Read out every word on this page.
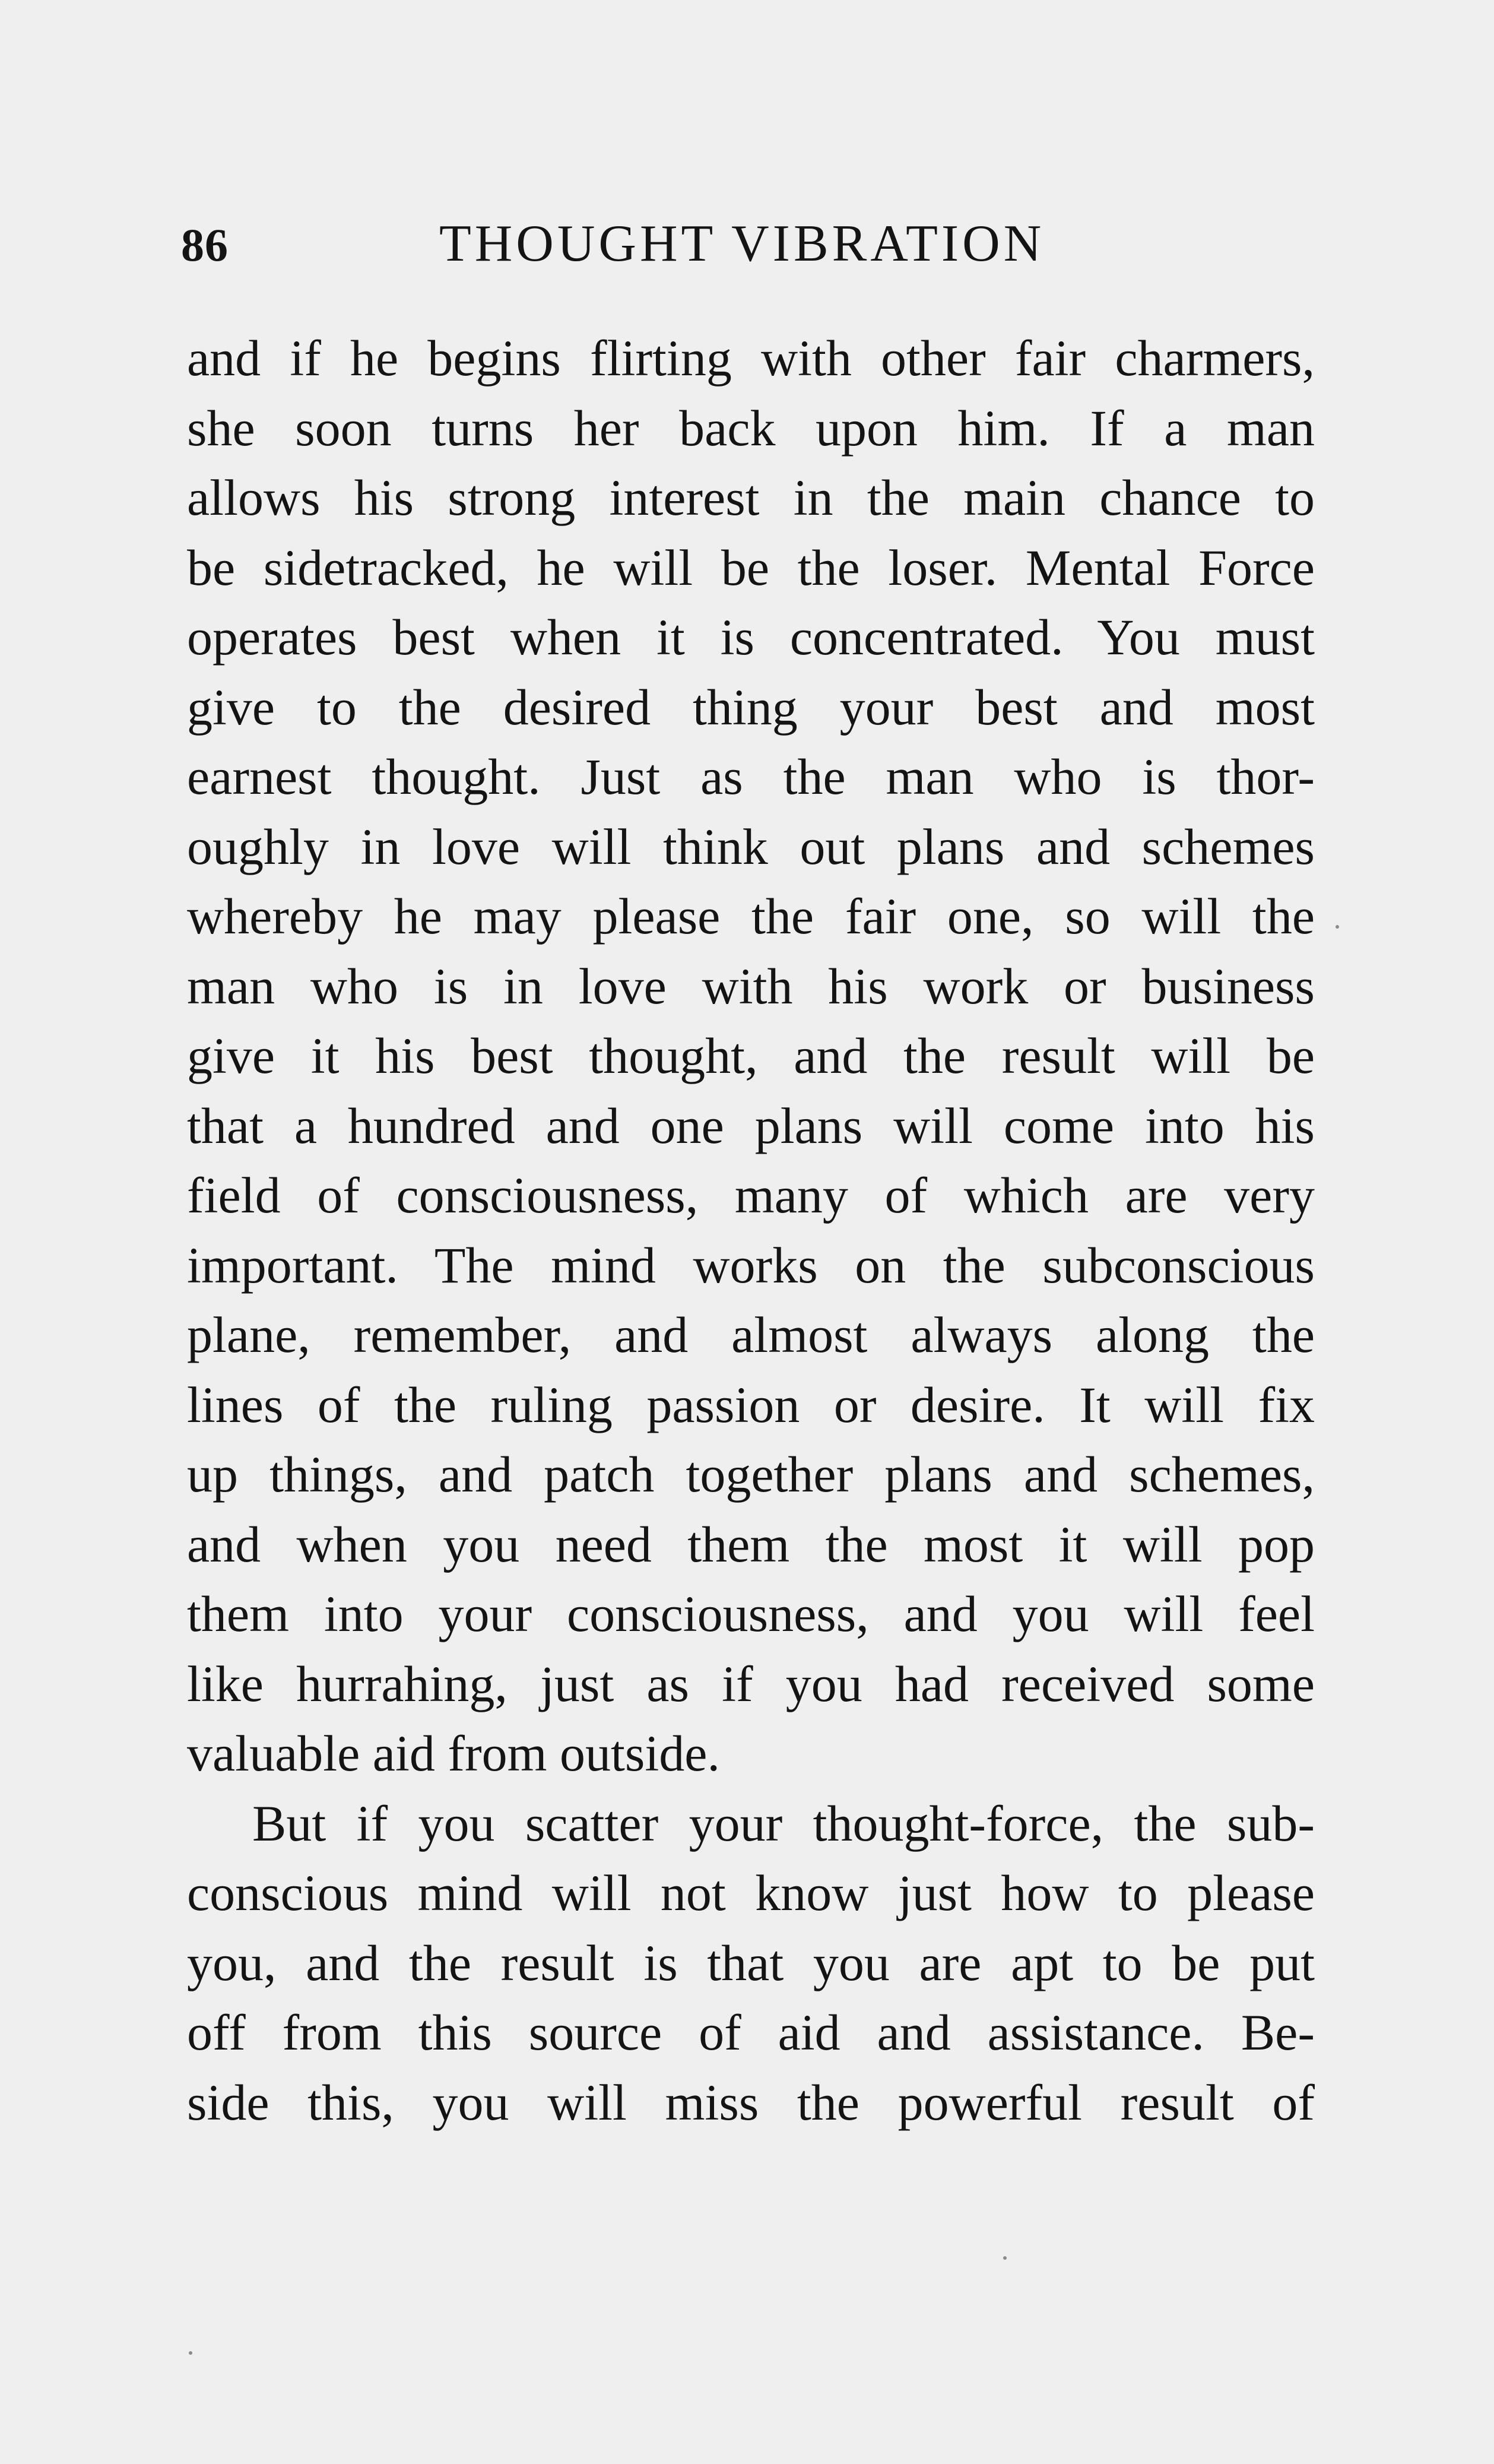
86	THOUGHT VIBRATION
and if he begins flirting with other fair charmers,
she soon turns her back upon him. If a man
allows his strong interest in the main chance to
be sidetracked, he will be the loser. Mental Force
operates best when it is concentrated. You must
give to the desired thing your best and most
earnest thought. Just as the man who is thor-
oughly in love will think out plans and schemes
whereby he may please the fair one, so will the
man who is in love with his work or business
give it his best thought, and the result will be
that a hundred and one plans will come into his
field of consciousness, many of which are very
important. The mind works on the subconscious
plane, remember, and almost always along the
lines of the ruling passion or desire. It will fix
up things, and patch together plans and schemes,
and when you need them the most it will pop
them into your consciousness, and you will feel
like hurrahing, just as if you had received some
valuable aid from outside.
But if you scatter your thought-force, the sub-
conscious mind will not know just how to please
you, and the result is that you are apt to be put
off from this source of aid and assistance. Be-
side this, you will miss the powerful result of
